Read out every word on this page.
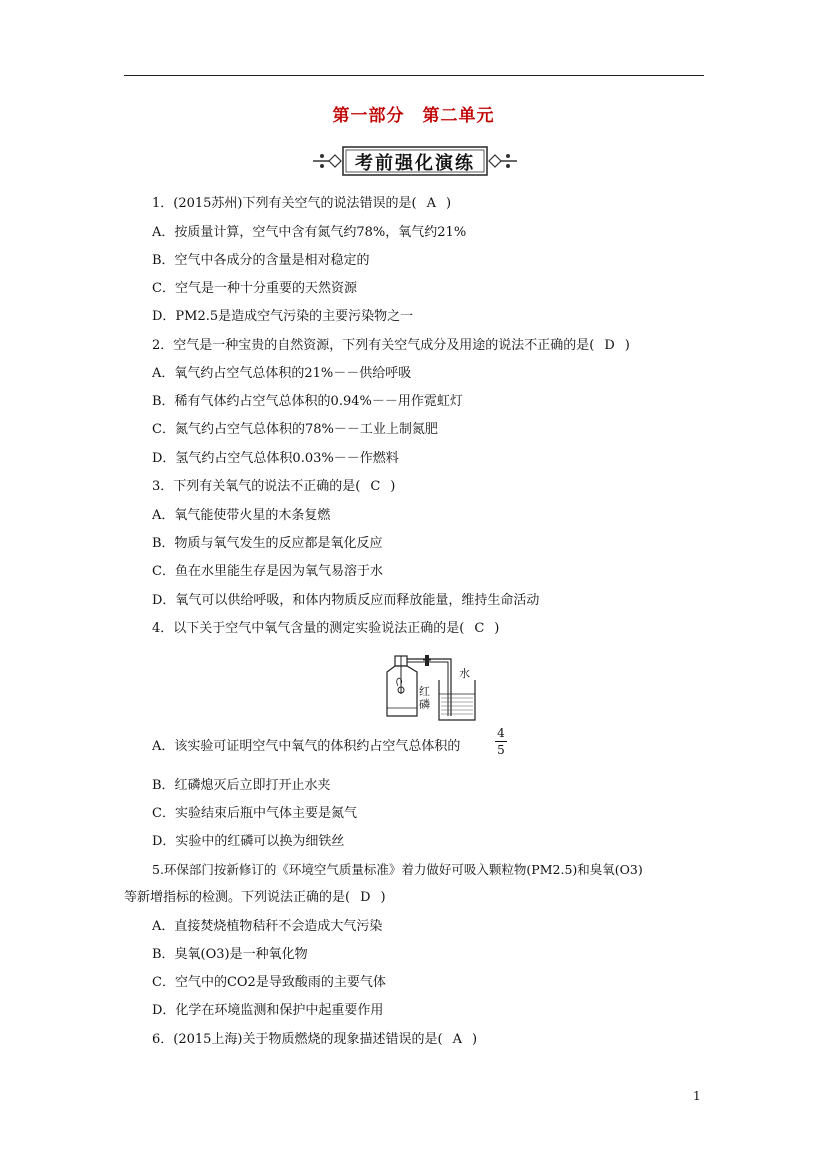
第一部分　第二单元
考前强化演练
1．(2015苏州)下列有关空气的说法错误的是( A )
A．按质量计算，空气中含有氮气约78%，氧气约21%
B．空气中各成分的含量是相对稳定的
C．空气是一种十分重要的天然资源
D．PM2.5是造成空气污染的主要污染物之一
2．空气是一种宝贵的自然资源，下列有关空气成分及用途的说法不正确的是( D )
A．氧气约占空气总体积的21%－－供给呼吸
B．稀有气体约占空气总体积的0.94%－－用作霓虹灯
C．氮气约占空气总体积的78%－－工业上制氮肥
D．氢气约占空气总体积0.03%－－作燃料
3．下列有关氧气的说法不正确的是( C )
A．氧气能使带火星的木条复燃
B．物质与氧气发生的反应都是氧化反应
C．鱼在水里能生存是因为氧气易溶于水
D．氧气可以供给呼吸，和体内物质反应而释放能量，维持生命活动
4．以下关于空气中氧气含量的测定实验说法正确的是( C )
水
红
磷
A．该实验可证明空气中氧气的体积约占空气总体积的
4
5
B．红磷熄灭后立即打开止水夹
C．实验结束后瓶中气体主要是氮气
D．实验中的红磷可以换为细铁丝
5.环保部门按新修订的《环境空气质量标准》着力做好可吸入颗粒物(PM2.5)和臭氧(O3)
等新增指标的检测。下列说法正确的是( D )
A．直接焚烧植物秸秆不会造成大气污染
B．臭氧(O3)是一种氧化物
C．空气中的CO2是导致酸雨的主要气体
D．化学在环境监测和保护中起重要作用
6．(2015上海)关于物质燃烧的现象描述错误的是( A )
1
